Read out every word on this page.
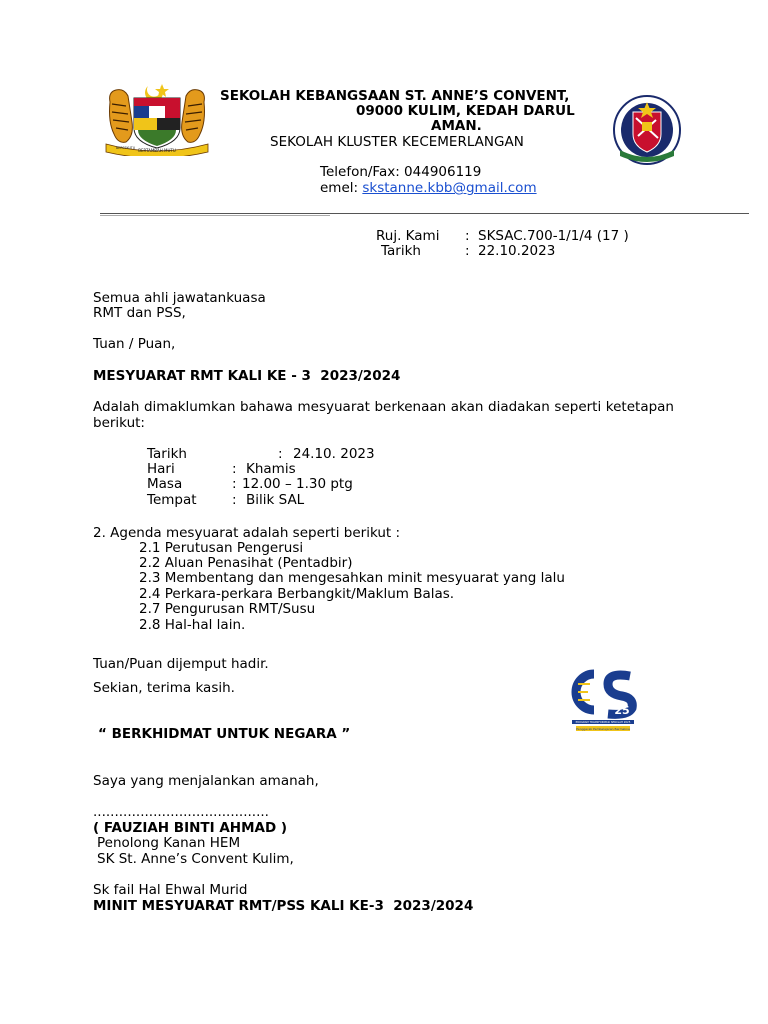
BERTAMBAH MUTU
BERSEKUTU
SEKOLAH KEBANGSAAN ST. ANNE’S CONVENT,
09000 KULIM, KEDAH DARUL
AMAN.
SEKOLAH KLUSTER KECEMERLANGAN
Telefon/Fax: 044906119
emel: skstanne.kbb@gmail.com
Ruj. Kami : SKSAC.700-1/1/4 (17 )
Tarikh	: 22.10.2023
Semua ahli jawatankuasa
RMT dan PSS,
Tuan / Puan,
MESYUARAT RMT KALI KE - 3  2023/2024
Adalah dimaklumkan bahawa mesyuarat berkenaan akan diadakan seperti ketetapan berikut:
Tarikh	: 24.10. 2023
Hari	: Khamis
Masa	: 12.00 – 1.30 ptg
Tempat	: Bilik SAL
2. Agenda mesyuarat adalah seperti berikut :
2.1 Perutusan Pengerusi
2.2 Aluan Penasihat (Pentadbir)
2.3 Membentang dan mengesahkan minit mesyuarat yang lalu
2.4 Perkara-perkara Berbangkit/Maklum Balas.
2.7 Pengurusan RMT/Susu
2.8 Hal-hal lain.
Tuan/Puan dijemput hadir.
Sekian, terima kasih.
25
PROGRAM TRANSFORMASI SEKOLAH 2025
Penggerak Pembelajaran Bermakna
“ BERKHIDMAT UNTUK NEGARA ”
Saya yang menjalankan amanah,
.........................................
( FAUZIAH BINTI AHMAD )
Penolong Kanan HEM
SK St. Anne’s Convent Kulim,
Sk fail Hal Ehwal Murid
MINIT MESYUARAT RMT/PSS KALI KE-3  2023/2024
